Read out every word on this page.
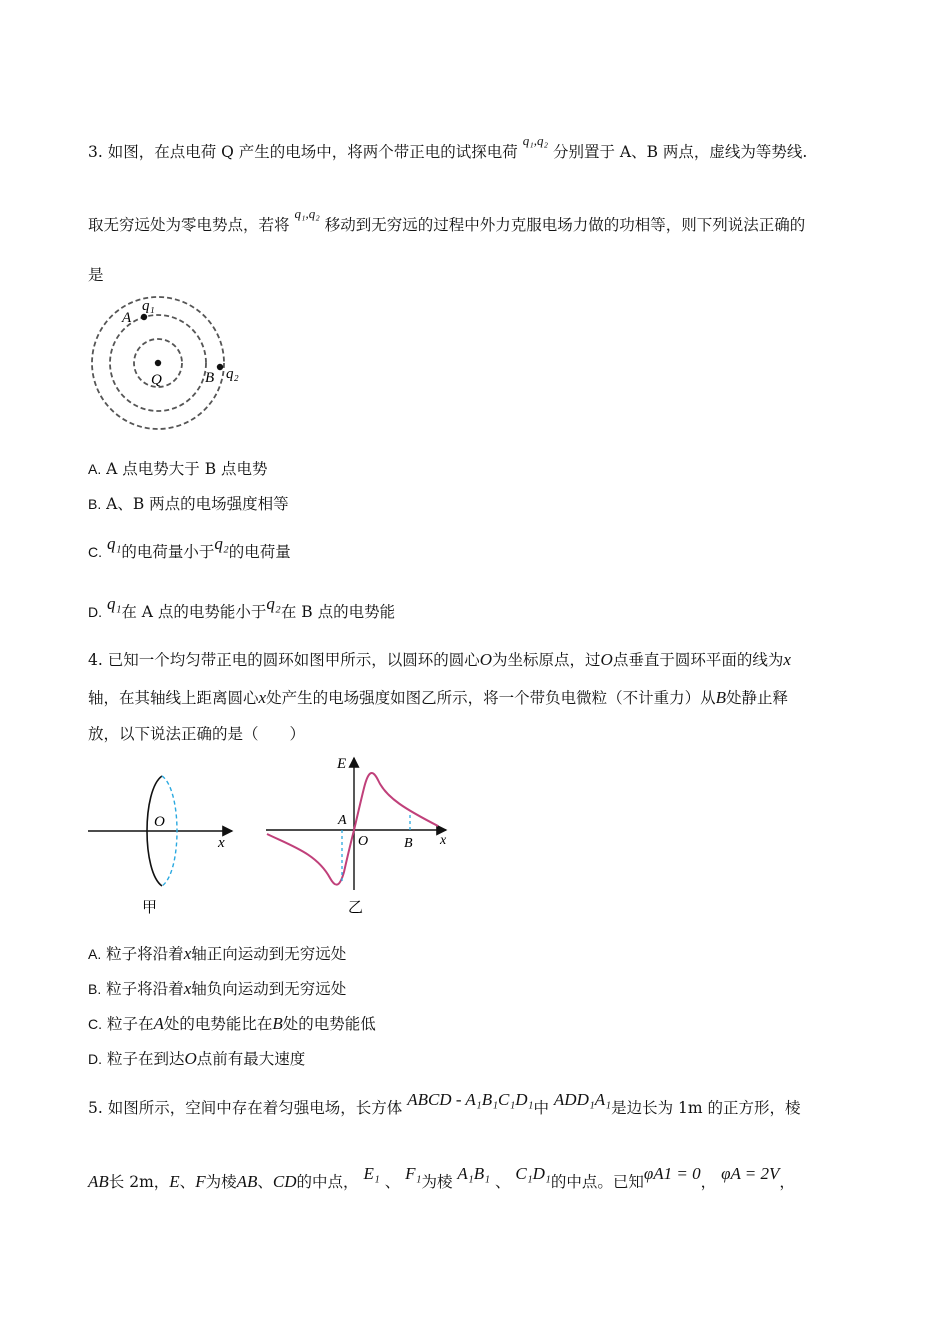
3. 如图，在点电荷 Q 产生的电场中，将两个带正电的试探电荷 $^{q_1,q_2}$ 分别置于 A、B 两点，虚线为等势线.
取无穷远处为零电势点，若将 $^{q_1,q_2}$ 移动到无穷远的过程中外力克服电场力做的功相等，则下列说法正确的
是
A
q₁
Q	B q₂
A. A 点电势大于 B 点电势
B. A、B 两点的电场强度相等
C. q₁的电荷量小于q₂的电荷量
D. q₁在 A 点的电势能小于q₂在 B 点的电势能
4. 已知一个均匀带正电的圆环如图甲所示，以圆环的圆心O为坐标原点，过O点垂直于圆环平面的线为x
轴，在其轴线上距离圆心x处产生的电场强度如图乙所示，将一个带负电微粒（不计重力）从B处静止释
放，以下说法正确的是（　　）
O
x
甲
E
A
O	B x
乙
A. 粒子将沿着x轴正向运动到无穷远处
B. 粒子将沿着x轴负向运动到无穷远处
C. 粒子在A处的电势能比在B处的电势能低
D. 粒子在到达O点前有最大速度
5. 如图所示，空间中存在着匀强电场，长方体 ABCD - A₁B₁C₁D₁中 ADD₁A₁是边长为 1m 的正方形，棱
AB长 2m，E、F为棱AB、CD的中点， E₁ 、 F₁为棱 A₁B₁ 、 C₁D₁的中点。已知φA1 = 0， φA = 2V，
